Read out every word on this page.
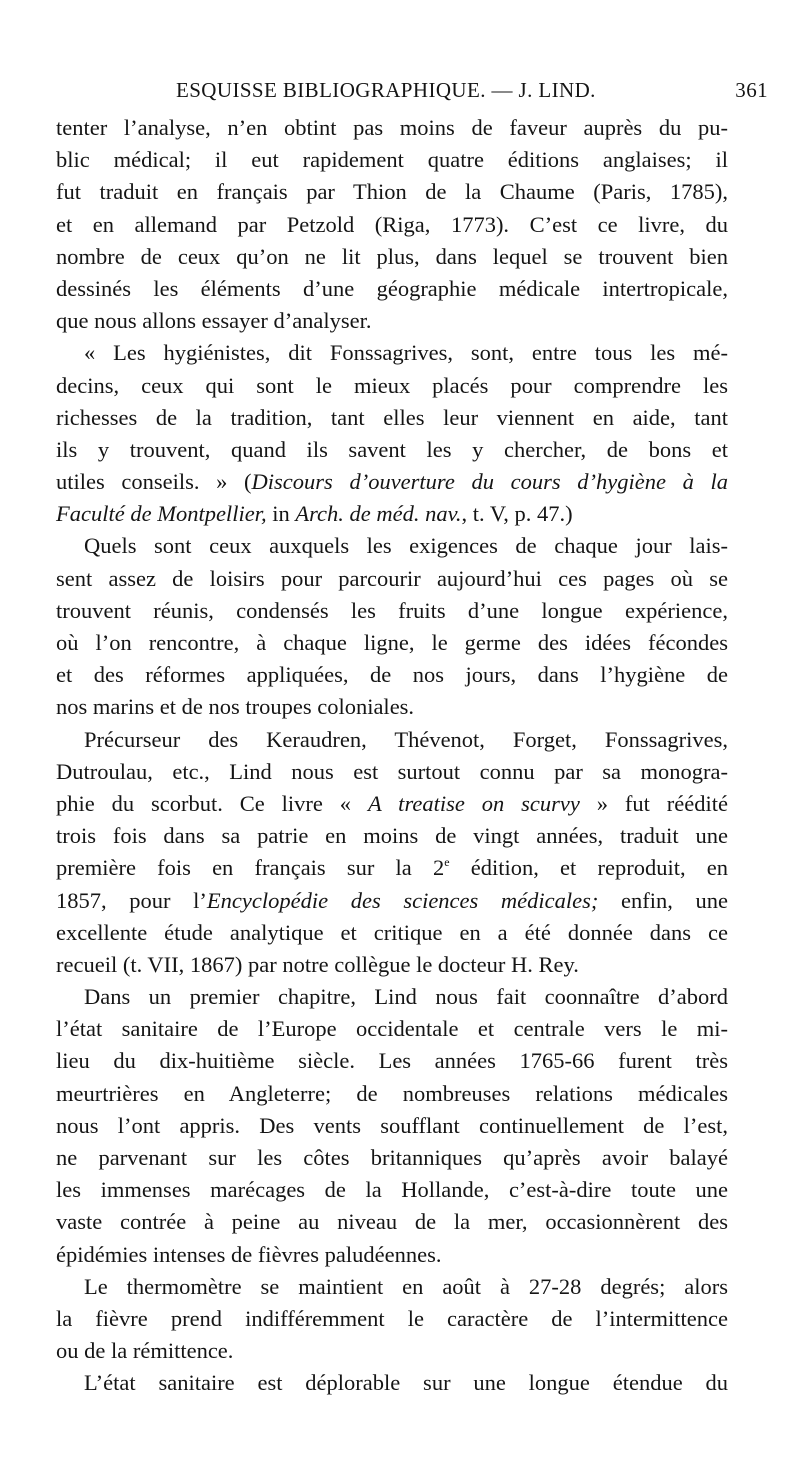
ESQUISSE BIBLIOGRAPHIQUE. — J. LIND.	361
tenter l’analyse, n’en obtint pas moins de faveur auprès du pu-
blic médical; il eut rapidement quatre éditions anglaises; il
fut traduit en français par Thion de la Chaume (Paris, 1785),
et en allemand par Petzold (Riga, 1773). C’est ce livre, du
nombre de ceux qu’on ne lit plus, dans lequel se trouvent bien
dessinés les éléments d’une géographie médicale intertropicale,
que nous allons essayer d’analyser.
« Les hygiénistes, dit Fonssagrives, sont, entre tous les mé-
decins, ceux qui sont le mieux placés pour comprendre les
richesses de la tradition, tant elles leur viennent en aide, tant
ils y trouvent, quand ils savent les y chercher, de bons et
utiles conseils. » (Discours d’ouverture du cours d’hygiène à la
Faculté de Montpellier, in Arch. de méd. nav., t. V, p. 47.)
Quels sont ceux auxquels les exigences de chaque jour lais-
sent assez de loisirs pour parcourir aujourd’hui ces pages où se
trouvent réunis, condensés les fruits d’une longue expérience,
où l’on rencontre, à chaque ligne, le germe des idées fécondes
et des réformes appliquées, de nos jours, dans l’hygiène de
nos marins et de nos troupes coloniales.
Précurseur des Keraudren, Thévenot, Forget, Fonssagrives,
Dutroulau, etc., Lind nous est surtout connu par sa monogra-
phie du scorbut. Ce livre « A treatise on scurvy » fut réédité
trois fois dans sa patrie en moins de vingt années, traduit une
première fois en français sur la 2e édition, et reproduit, en
1857, pour l’Encyclopédie des sciences médicales; enfin, une
excellente étude analytique et critique en a été donnée dans ce
recueil (t. VII, 1867) par notre collègue le docteur H. Rey.
Dans un premier chapitre, Lind nous fait coonnaître d’abord
l’état sanitaire de l’Europe occidentale et centrale vers le mi-
lieu du dix-huitième siècle. Les années 1765-66 furent très
meurtrières en Angleterre; de nombreuses relations médicales
nous l’ont appris. Des vents soufflant continuellement de l’est,
ne parvenant sur les côtes britanniques qu’après avoir balayé
les immenses marécages de la Hollande, c’est-à-dire toute une
vaste contrée à peine au niveau de la mer, occasionnèrent des
épidémies intenses de fièvres paludéennes.
Le thermomètre se maintient en août à 27-28 degrés; alors
la fièvre prend indifféremment le caractère de l’intermittence
ou de la rémittence.
L’état sanitaire est déplorable sur une longue étendue du
